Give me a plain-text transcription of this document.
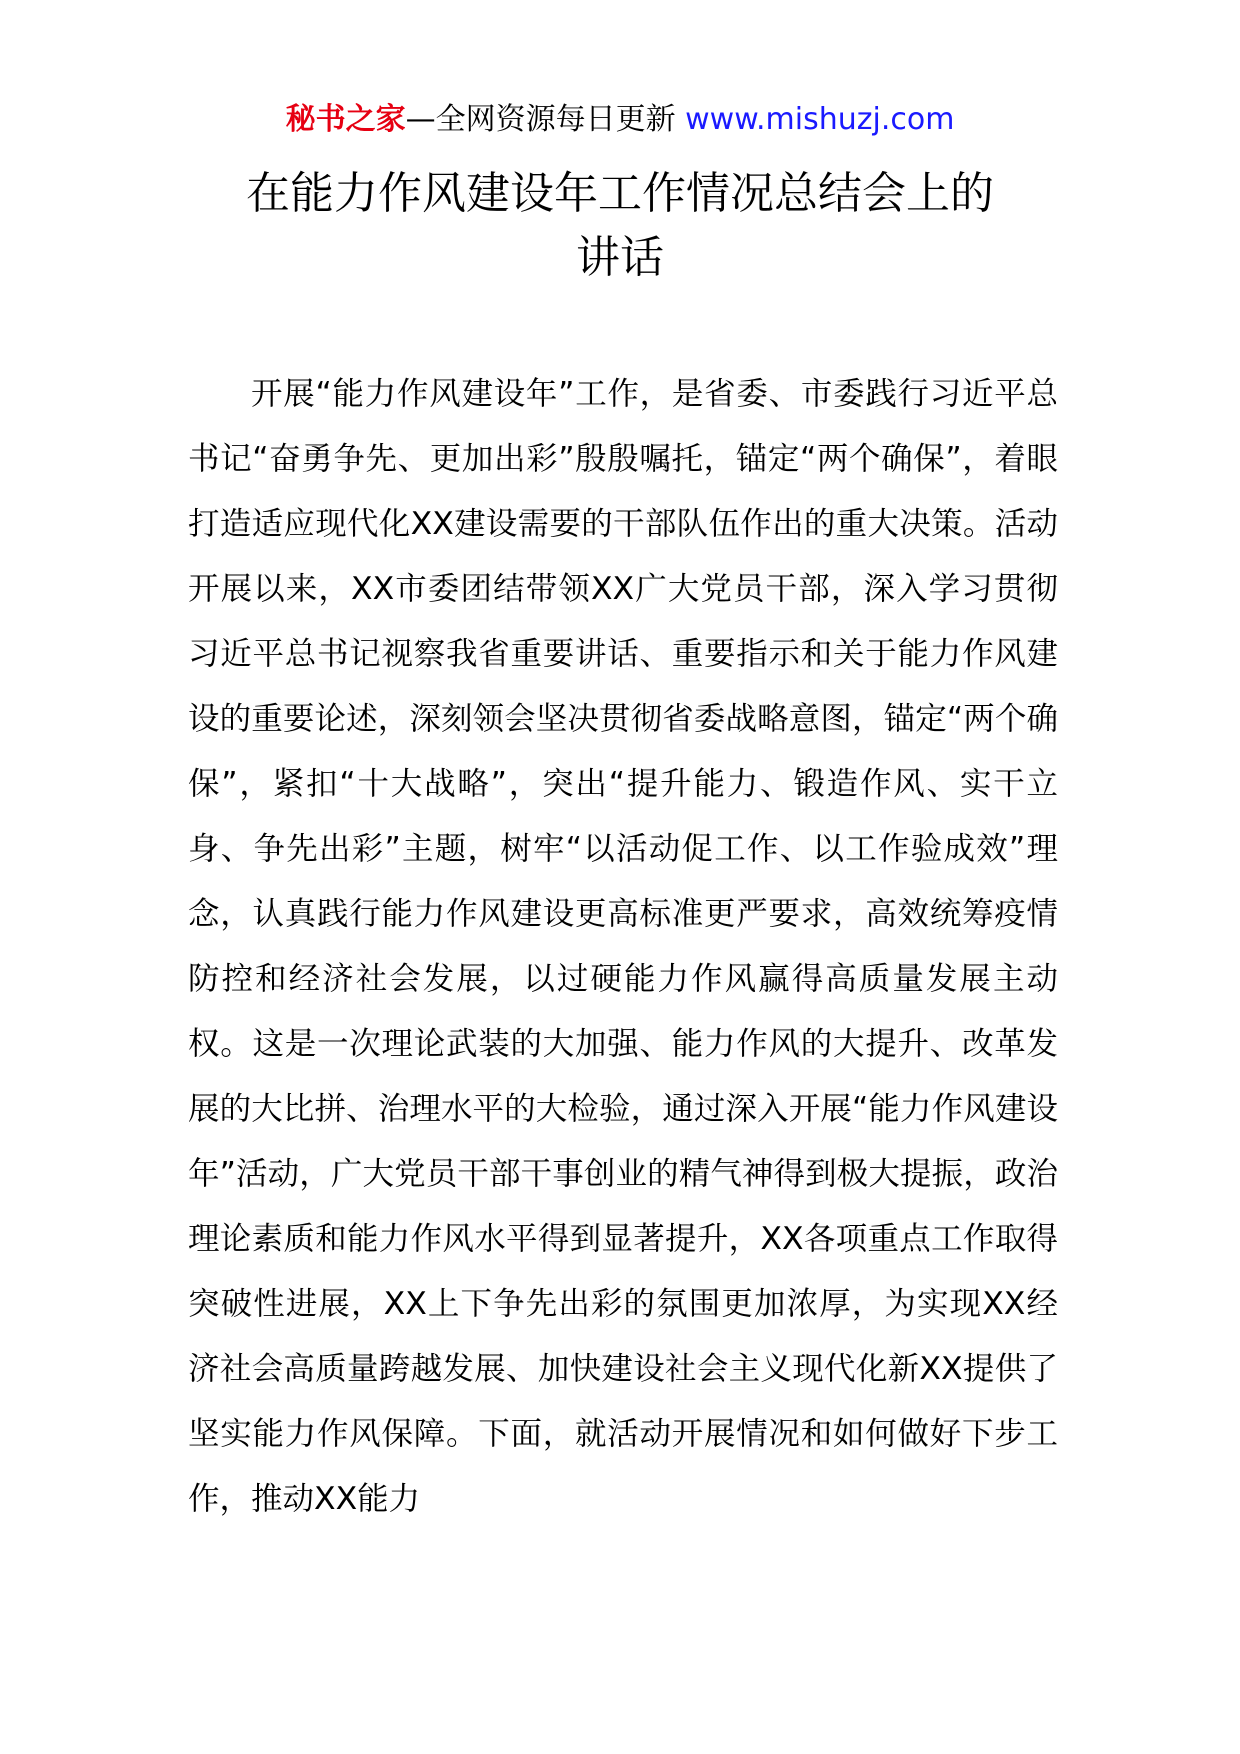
秘书之家—全网资源每日更新 www.mishuzj.com
在能力作风建设年工作情况总结会上的
讲话

开展“能力作风建设年”工作，是省委、市委践行习近平总书记“奋勇争先、更加出彩”殷殷嘱托，锚定“两个确保”，着眼打造适应现代化XX建设需要的干部队伍作出的重大决策。活动开展以来，XX市委团结带领XX广大党员干部，深入学习贯彻习近平总书记视察我省重要讲话、重要指示和关于能力作风建设的重要论述，深刻领会坚决贯彻省委战略意图，锚定“两个确保”，紧扣“十大战略”，突出“提升能力、锻造作风、实干立身、争先出彩”主题，树牢“以活动促工作、以工作验成效”理念，认真践行能力作风建设更高标准更严要求，高效统筹疫情防控和经济社会发展，以过硬能力作风赢得高质量发展主动权。这是一次理论武装的大加强、能力作风的大提升、改革发展的大比拼、治理水平的大检验，通过深入开展“能力作风建设年”活动，广大党员干部干事创业的精气神得到极大提振，政治理论素质和能力作风水平得到显著提升，XX各项重点工作取得突破性进展，XX上下争先出彩的氛围更加浓厚，为实现XX经济社会高质量跨越发展、加快建设社会主义现代化新XX提供了坚实能力作风保障。下面，就活动开展情况和如何做好下步工作，推动XX能力
